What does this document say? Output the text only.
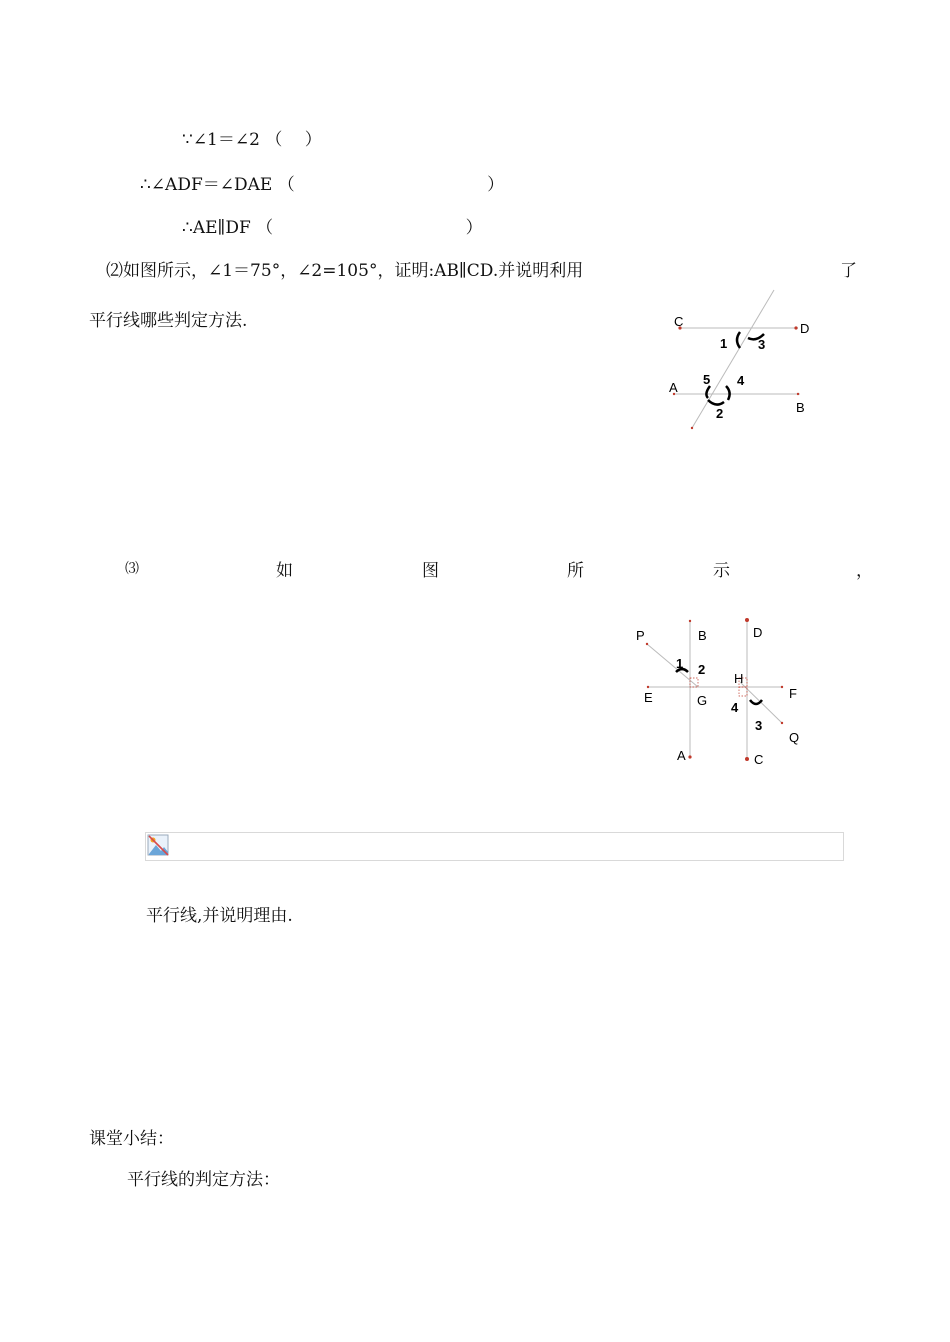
∵∠1＝∠2 （　 ）
∴∠ADF＝∠DAE （　　　　　　　　　　　 ）
∴AE∥DF （　　　　　　　　　　　 ）
⑵如图所示，∠1＝75°，∠2=105°，证明:AB∥CD.并说明利用	了
平行线哪些判定方法.	C	D
A
B
1 3
5 4
2
⑶	如	图	所	示	，
P	B	D
1 2
H
F
E	G 4
3
Q
A	C
平行线,并说明理由.
课堂小结：
平行线的判定方法：
